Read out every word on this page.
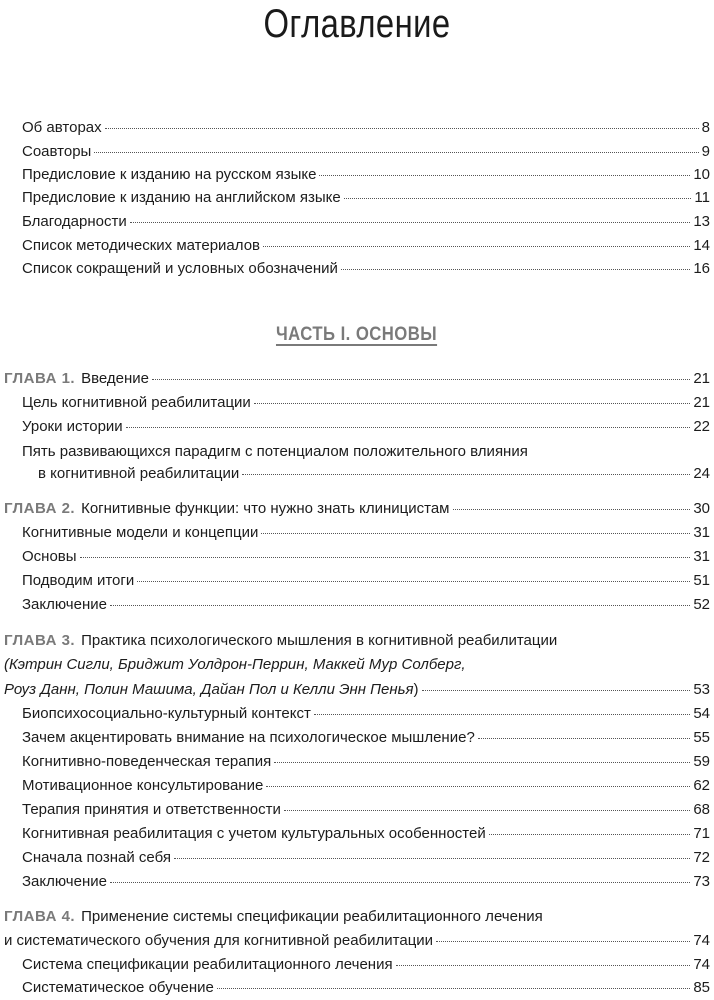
Оглавление
Об авторах	8
Соавторы	9
Предисловие к изданию на русском языке	10
Предисловие к изданию на английском языке	11
Благодарности	13
Список методических материалов	14
Список сокращений и условных обозначений	16
ЧАСТЬ I. ОСНОВЫ
ГЛАВА 1. Введение	21
Цель когнитивной реабилитации	21
Уроки истории	22
Пять развивающихся парадигм с потенциалом положительного влияния
в когнитивной реабилитации	24
ГЛАВА 2. Когнитивные функции: что нужно знать клиницистам	30
Когнитивные модели и концепции	31
Основы	31
Подводим итоги	51
Заключение	52
ГЛАВА 3. Практика психологического мышления в когнитивной реабилитации
(Кэтрин Сигли, Бриджит Уолдрон-Перрин, Маккей Мур Солберг,
Роуз Данн, Полин Машима, Дайан Пол и Келли Энн Пенья)	53
Биопсихосоциально-культурный контекст	54
Зачем акцентировать внимание на психологическое мышление?	55
Когнитивно-поведенческая терапия	59
Мотивационное консультирование	62
Терапия принятия и ответственности	68
Когнитивная реабилитация с учетом культуральных особенностей	71
Сначала познай себя	72
Заключение	73
ГЛАВА 4. Применение системы спецификации реабилитационного лечения
и систематического обучения для когнитивной реабилитации	74
Система спецификации реабилитационного лечения	74
Систематическое обучение	85
